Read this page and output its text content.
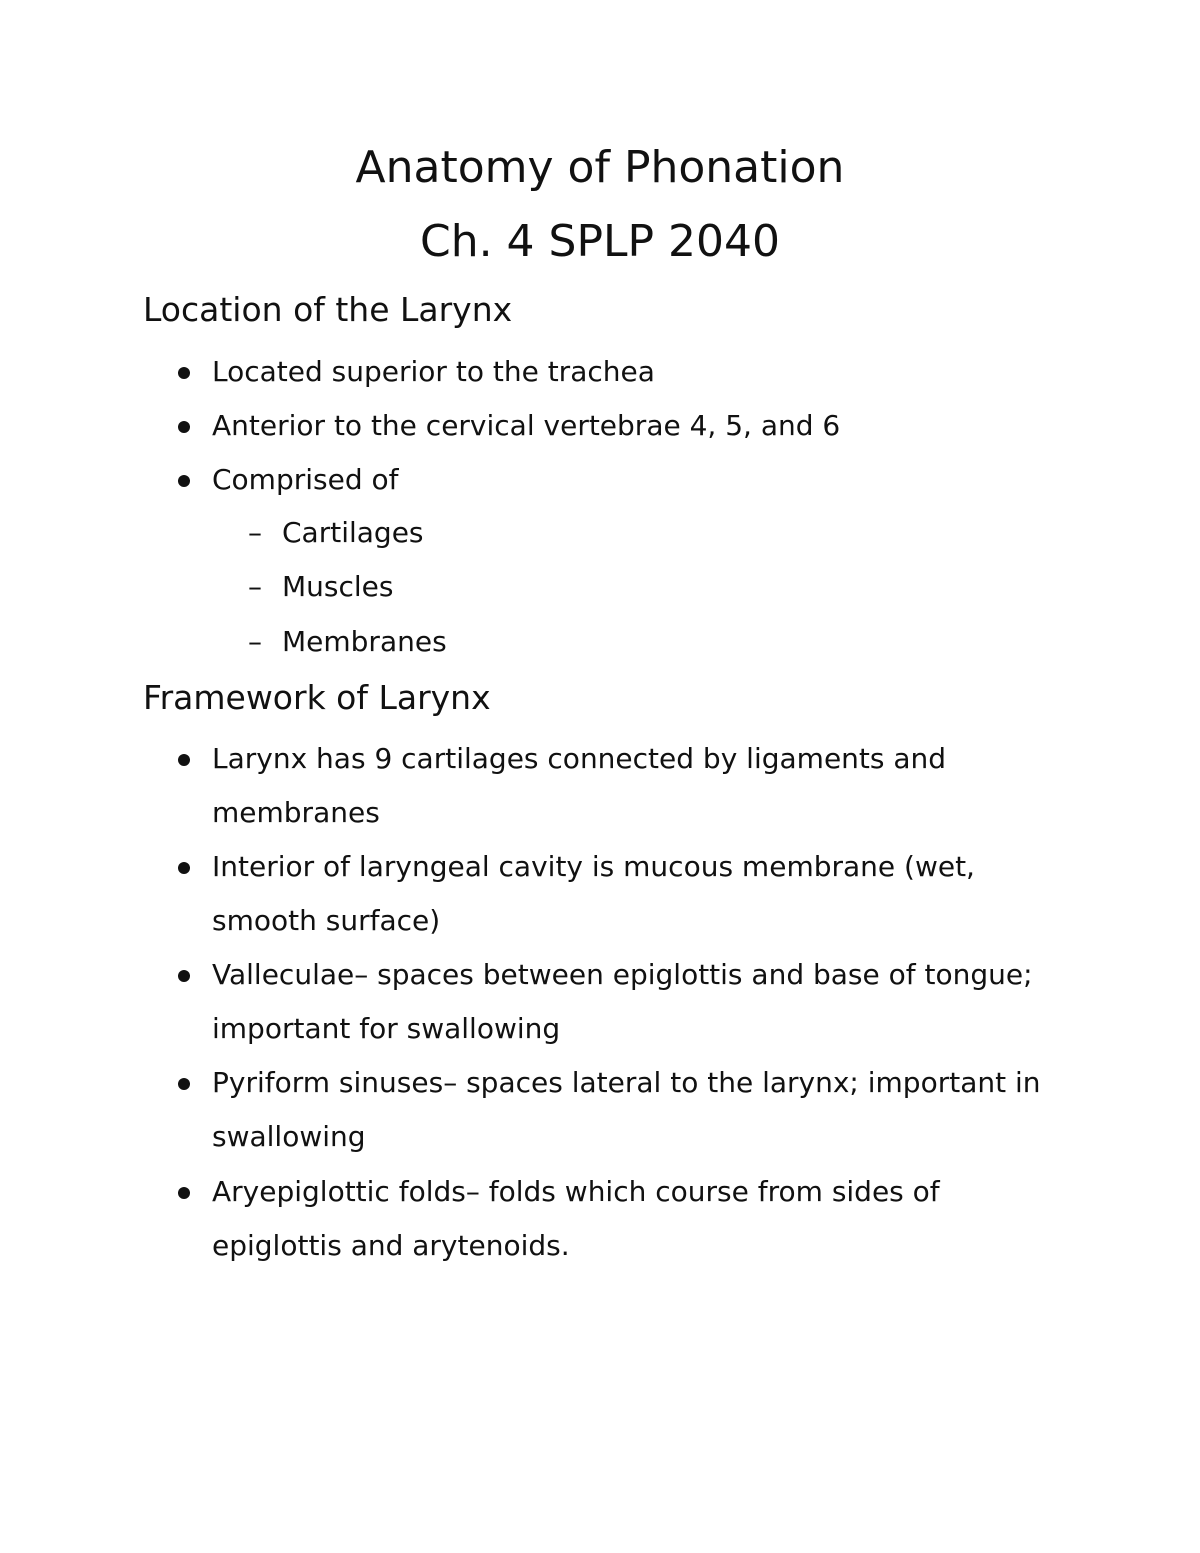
Anatomy of Phonation
Ch. 4 SPLP 2040
Location of the Larynx
Located superior to the trachea
Anterior to the cervical vertebrae 4, 5, and 6
Comprised of
– Cartilages
– Muscles
– Membranes
Framework of Larynx
Larynx has 9 cartilages connected by ligaments and membranes
Interior of laryngeal cavity is mucous membrane (wet, smooth surface)
Valleculae– spaces between epiglottis and base of tongue; important for swallowing
Pyriform sinuses– spaces lateral to the larynx; important in swallowing
Aryepiglottic folds– folds which course from sides of epiglottis and arytenoids.
